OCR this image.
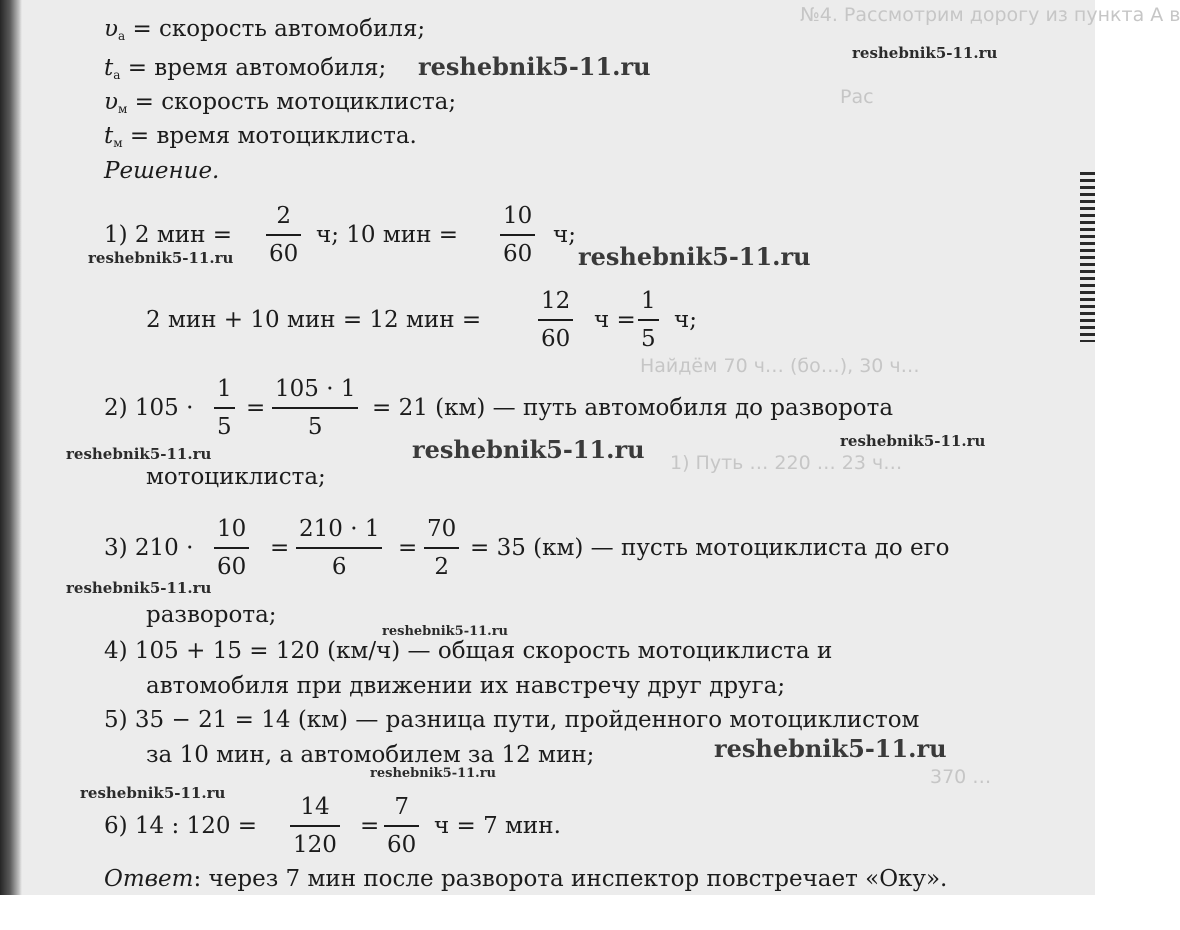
№4. Рассмотрим дорогу из пункта А в
Рас
Найдём 70 ч… (бо…), 30 ч…
1) Путь … 220 … 23 ч…
370 …
$\upsilon_а$ = скорость автомобиля;
$t_а$ = время автомобиля;
$\upsilon_м$ = скорость мотоциклиста;
$t_м$ = время мотоциклиста.
Решение.
1) 2 мин =
2
60
ч; 10 мин =
10
60
ч;
2 мин + 10 мин = 12 мин =
12
60
ч =
1
5
ч;
2) 105 ·
1
5
=
105 · 1
5
= 21 (км) — путь автомобиля до разворота
мотоциклиста;
3) 210 ·
10
60
=
210 · 1
6
=
70
2
= 35 (км) — пусть мотоциклиста до его
разворота;
4) 105 + 15 = 120 (км/ч) — общая скорость мотоциклиста и
автомобиля при движении их навстречу друг друга;
5) 35 − 21 = 14 (км) — разница пути, пройденного мотоциклистом
за 10 мин, а автомобилем за 12 мин;
6) 14 : 120 =
14
120
=
7
60
ч = 7 мин.
Ответ: через 7 мин после разворота инспектор повстречает «Оку».
reshebnik5-11.ru	reshebnik5-11.ru
reshebnik5-11.ru	reshebnik5-11.ru
reshebnik5-11.ru	reshebnik5-11.ru	reshebnik5-11.ru
reshebnik5-11.ru
reshebnik5-11.ru
reshebnik5-11.ru
reshebnik5-11.ru
reshebnik5-11.ru
